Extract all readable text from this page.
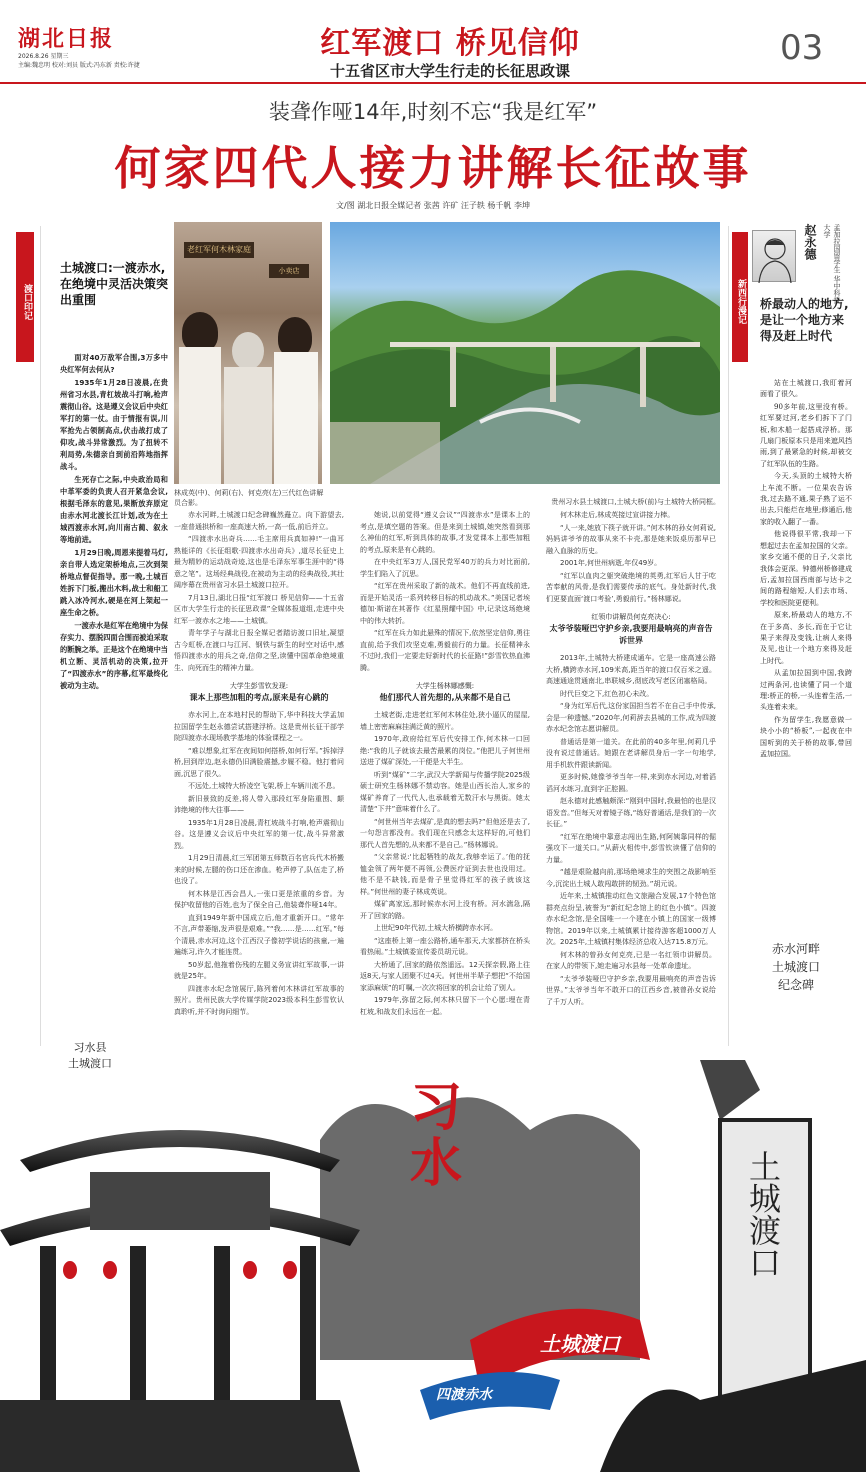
湖北日报
2026.8.26 星期三
主编:魏忠明 校对:刘员 版式:冯东新 责校:许捷
红军渡口 桥见信仰
十五省区市大学生行走的长征思政课
03
装聋作哑14年,时刻不忘“我是红军”
何家四代人接力讲解长征故事
文/图 湖北日报全媒记者 张茜 许矿 汪子轶 杨千帆 李坤
渡口印记
土城渡口:一渡赤水,在绝境中灵活决策突出重围

面对40万敌军合围,3万多中央红军何去何从?

1935年1月28日凌晨,在贵州省习水县,青杠坡战斗打响,枪声震彻山谷。这是遵义会议后中央红军打的第一仗。由于情报有误,川军抢先占领制高点,伏击战打成了仰攻,战斗异常激烈。为了扭转不利局势,朱德亲自到前沿阵地指挥战斗。

生死存亡之际,中央政治局和中革军委的负责人召开紧急会议,根据毛泽东的意见,果断放弃原定由赤水河北渡长江计划,改为在土城西渡赤水河,向川南古蔺、叙永等地前进。

1月29日晚,周恩来提着马灯,亲自带人选定架桥地点,三次到架桥地点督促指导。那一晚,土城百姓拆下门板,搬出木料,战士和船工跳入冰冷河水,硬是在河上架起一座生命之桥。

一渡赤水是红军在绝境中为保存实力、摆脱四面合围而被迫采取的断腕之举。正是这个在绝境中当机立断、灵活机动的决策,拉开了“四渡赤水”的序幕,红军最终化被动为主动。

习水县
土城渡口
老红军何木林家庭
小卖店
林成英(中)、何莉(右)、何克亮(左)三代红色讲解员合影。	贵州习水县土城渡口,土城大桥(前)与土城特大桥同框。

赤水河畔,土城渡口纪念碑巍然矗立。向下游望去,一座普通拱桥和一座高速大桥,一高一低,前后并立。

“四渡赤水出奇兵……毛主席用兵真如神!”一曲耳熟能详的《长征组歌·四渡赤水出奇兵》,道尽长征史上最为精妙的运动战奇迹,这也是毛泽东军事生涯中的“得意之笔”。这场经典战役,在被动为主动的经典战役,其壮阔序幕在贵州省习水县土城渡口拉开。

7月13日,湖北日报“红军渡口 桥见信仰——十五省区市大学生行走的长征思政课”全媒体报道组,走进中央红军一渡赤水之地——土城镇。

青年学子与湖北日报全媒记者踏访渡口旧址,凝望古今虹桥,在渡口与江河、钢铁与新生的时空对话中,感悟四渡赤水的用兵之奇,信仰之坚,读懂中国革命绝境重生、向死而生的精神力量。

大学生彭雪钦发现:
课本上那些加粗的考点,原来是有心跳的

赤水河上,在本地村民的帮助下,华中科技大学孟加拉国留学生赵永德尝试搭建浮桥。这是贵州长征干部学院四渡赤水现场教学基地的体验课程之一。

“难以想象,红军在夜间如何搭桥,如何行军。”拆掉浮桥,回到岸边,赵永德仍旧满脸震撼,步履不稳。他打着问面,沉思了很久。

不远处,土城特大桥凌空飞架,桥上车辆川流不息。

新旧景致的反差,将人带入那段红军身陷重围、颠沛绝境的伟大往事——

1935年1月28日凌晨,青杠坡战斗打响,枪声震彻山谷。这是遵义会议后中央红军的第一仗,战斗异常激烈。

1月29日清晨,红三军团第五师数百名官兵代木桥搬来的时候,左腿的伤口还在渗血。枪声停了,队伍走了,桥也没了。

何木林是江西会昌人,一张口更是浓重的乡音。为保护收留他的百姓,也为了保全自己,他装聋作哑14年。

直到1949年新中国成立后,他才重新开口。“常年不言,声带萎缩,发声很是艰难。”“我……是……红军。”每个清晨,赤水河边,这个江西汉子像初学说话的孩童,一遍遍练习,许久才能连贯。

50岁起,他拖着伤残的左腿义务宣讲红军故事,一讲就是25年。

四渡赤水纪念馆展厅,陈列着何木林讲红军故事的照片。贵州民族大学传媒学院2023级本科生彭雪钦认真聆听,并不时询问细节。

她说,以前觉得“遵义会议”“四渡赤水”是课本上的考点,是填空题的答案。但是来到土城镇,她突然看到那么神仙的红军,听到具体的故事,才发觉课本上那些加粗的考点,原来是有心跳的。

在中央红军3万人,国民党军40万的兵力对比面前,学生们陷入了沉思。

“红军在贵州采取了新的战术。他们不再直线前进,而是开始灵活一系列转移目标的机动战术。”美国记者埃德加·斯诺在其著作《红星照耀中国》中,记录这场绝境中的伟大转折。

“红军在兵力如此悬殊的情况下,依然坚定信仰,勇往直前,给予我们攻坚克难,勇毅前行的力量。长征精神永不过时,我们一定要走好新时代的长征路!”彭雪钦热血沸腾。

大学生杨林娜感慨:
他们那代人首先想的,从来都不是自己

土城老街,走进老红军何木林住处,狭小逼仄的屋屋,墙上密密麻麻挂满泛黄的照片。

1970年,政府给红军后代安排工作,何木林一口回绝:“我的儿子就该去最苦最累的岗位。”他把儿子何世州送进了煤矿深处,一干便是大半生。

听到“煤矿”二字,武汉大学新闻与传播学院2025级硕士研究生杨林娜不禁动容。她是山西长治人,家乡的煤矿养育了一代代人,也承载着无数汗水与黑街。她太清楚“下井”意味着什么了。

“何世州当年去煤矿,是真的想去吗?”但他还是去了,一句怨言都没有。我们现在只感念太这样好的,可他们那代人首先想的,从来都不是自己。”杨林娜说。

“父亲常说:‘比起牺牲的战友,我够幸运了。’他的抚恤金领了两年便不再领,公费医疗证到去世也没用过。他不是不缺钱,而是骨子里觉得红军的孩子就该这样。”何世州的妻子林成英说。

煤矿离家远,那时候赤水河上没有桥。河水湍急,隔开了回家的路。

上世纪90年代初,土城大桥横跨赤水河。

“这座桥上第一座公路桥,通车那天,大家都挤在桥头看热闹。”土城镇委宣传委员胡元说。

大桥通了,回家的路依然遥远。12天探亲假,路上往返8天,与家人团聚不过4天。何世州半辈子想把“不给国家添麻烦”的叮嘱,一次次将回家的机会让给了别人。

1979年,弥留之际,何木林只留下一个心愿:埋在青杠坡,和战友们永远在一起。

何木林走后,林成英接过宣讲接力棒。

“人一来,她放下筷子就开讲。”何木林的孙女何莉说,妈妈讲爷爷的故事从来不卡壳,那是她来饭桌历那早已融入血脉的历史。

2001年,何世州病逝,年仅49岁。

“红军以血肉之躯突破绝境的英勇,红军后人甘于吃苦奉献的风骨,是我们需要传承的底气。身处新时代,我们更要直面‘渡口考验’,勇毅前行。”杨林娜说。

红领巾讲解员何克亮决心:
太爷爷装哑巴守护乡亲,我要用最响亮的声音告诉世界

2013年,土城特大桥建成通车。它是一座高速公路大桥,横跨赤水河,109米高,距当年的渡口仅百米之遥。高速通途贯通南北,串联城乡,彻底改写老区闭塞格局。

时代巨变之下,红色初心未改。

“身为红军后代,这份家国担当若不在自己手中传承,会是一种遗憾。”2020年,何莉辞去县城的工作,成为四渡赤水纪念馆志愿讲解员。

普通话是第一道关。在此前的40多年里,何莉几乎没有说过普通话。她跟在老讲解员身后一字一句地学,用手机软件跟读新闻。

更多时候,她像爷爷当年一样,来到赤水河边,对着滔滔河水练习,直到字正腔圆。

赵永德对此感触颇深:“刚到中国时,我最怕的也是汉语发音。”但每天对着镜子练,“练好普通话,是我们的一次长征。”

“红军在绝境中靠意志闯出生路,何阿姨靠同样的倔强攻下一道关口。”从薪火相传中,彭雪钦读懂了信仰的力量。

“越是艰险越向前,那场绝境求生的突围之战影响至今,沉淀出土城人敢闯敢拼的韧劲。”胡元说。

近年来,土城镇推动红色文旅融合发展,17个特色馆群亮点纷呈,被誉为“新红纪念馆上的红色小镇”。四渡赤水纪念馆,是全国唯一一个建在小镇上的国家一级博物馆。2019年以来,土城镇累计接待游客超1000万人次。2025年,土城镇村集体经济总收入达715.8万元。

何木林的曾孙女何克亮,已是一名红领巾讲解员。在家人的带领下,她走遍习水县每一处革命遗址。

“太爷爷装哑巴守护乡亲,我要用最响亮的声音告诉世界。”太爷爷当年不敢开口的江西乡音,被曾孙女说给了千万人听。

新西行漫记
赵永德	孟加拉国留学生 华中科技大学
桥最动人的地方,是让一个地方来得及赶上时代

站在土城渡口,我盯着河面看了很久。

90多年前,这里没有桥。红军要过河,老乡们拆下了门板,和木船一起搭成浮桥。那几扇门板原本只是用来遮风挡雨,到了最紧急的时候,却被交了红军队伍的生路。

今天,头顶的土城特大桥上车流不断。一位果农告诉我,过去路不通,果子熟了运不出去,只能烂在地里;修通后,他家的收入翻了一番。

他说得很平常,我却一下想起过去在孟加拉国的父亲。家乡交通不便的日子,父亲比我体会更深。钟德州桥修建成后,孟加拉国西南部与达卡之间的路程缩短,人们去市场、学校和医院更便利。

原来,桥最动人的地方,不在于多高、多长,而在于它让果子来得及变钱,让病人来得及见,也让一个地方来得及赶上时代。

从孟加拉国到中国,我跨过两条河,也读懂了同一个道理:桥正的桥,一头连着生活,一头连着未来。

作为留学生,我愿意做一块小小的“桥板”,一起夜在中国听到的关于桥的故事,带回孟加拉国。

赤水河畔
土城渡口
纪念碑
习水
土城渡口
四渡赤水
土城渡口
